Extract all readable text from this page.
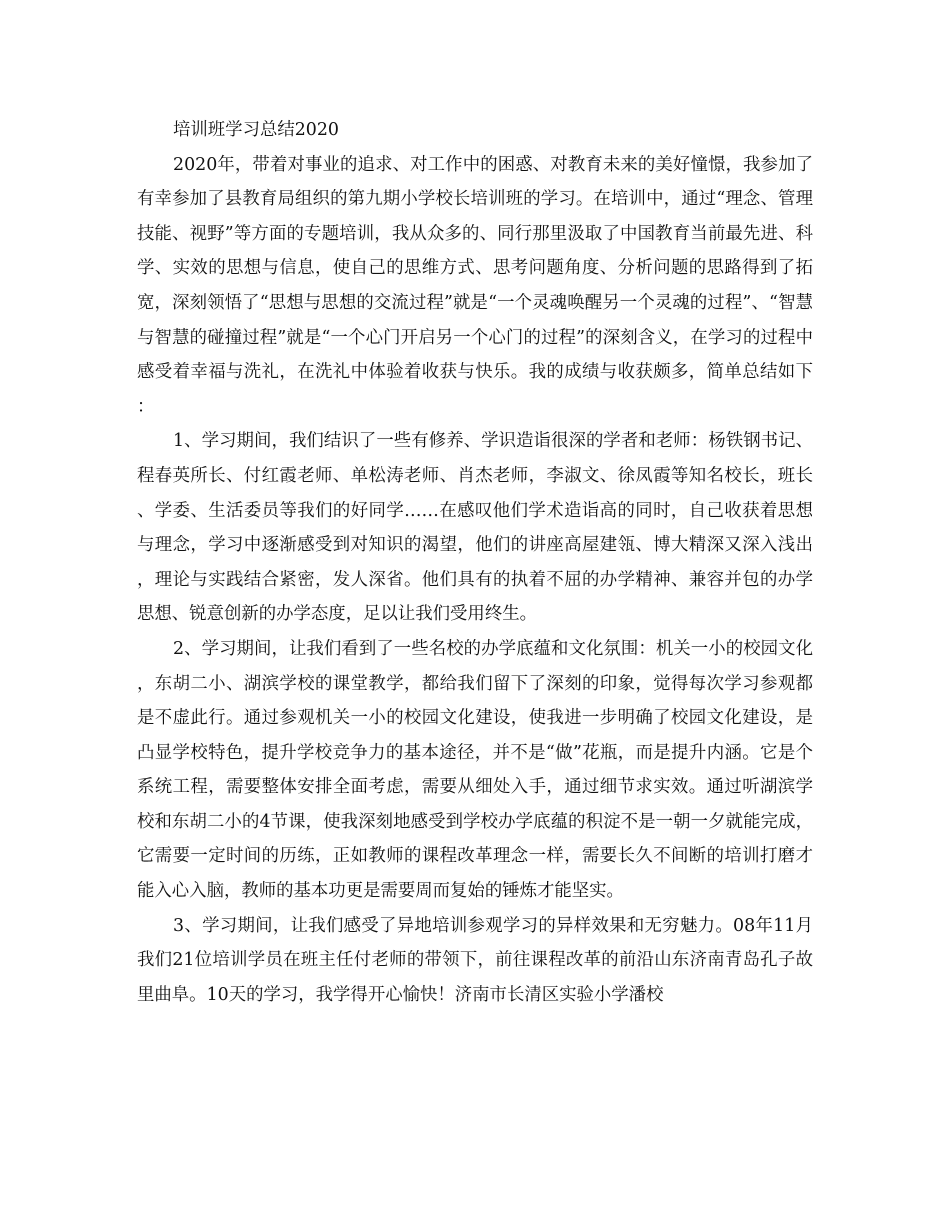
培训班学习总结2020

2020年，带着对事业的追求、对工作中的困惑、对教育未来的美好憧憬，我参加了有幸参加了县教育局组织的第九期小学校长培训班的学习。在培训中，通过“理念、管理技能、视野”等方面的专题培训，我从众多的、同行那里汲取了中国教育当前最先进、科学、实效的思想与信息，使自己的思维方式、思考问题角度、分析问题的思路得到了拓宽，深刻领悟了“思想与思想的交流过程”就是“一个灵魂唤醒另一个灵魂的过程”、“智慧与智慧的碰撞过程”就是“一个心门开启另一个心门的过程”的深刻含义，在学习的过程中感受着幸福与洗礼，在洗礼中体验着收获与快乐。我的成绩与收获颇多，简单总结如下：

1、学习期间，我们结识了一些有修养、学识造诣很深的学者和老师：杨铁钢书记、程春英所长、付红霞老师、单松涛老师、肖杰老师，李淑文、徐凤霞等知名校长，班长、学委、生活委员等我们的好同学……在感叹他们学术造诣高的同时，自己收获着思想与理念，学习中逐渐感受到对知识的渴望，他们的讲座高屋建瓴、博大精深又深入浅出，理论与实践结合紧密，发人深省。他们具有的执着不屈的办学精神、兼容并包的办学思想、锐意创新的办学态度，足以让我们受用终生。

2、学习期间，让我们看到了一些名校的办学底蕴和文化氛围：机关一小的校园文化，东胡二小、湖滨学校的课堂教学，都给我们留下了深刻的印象，觉得每次学习参观都是不虚此行。通过参观机关一小的校园文化建设，使我进一步明确了校园文化建设，是凸显学校特色，提升学校竞争力的基本途径，并不是“做”花瓶，而是提升内涵。它是个系统工程，需要整体安排全面考虑，需要从细处入手，通过细节求实效。通过听湖滨学校和东胡二小的4节课，使我深刻地感受到学校办学底蕴的积淀不是一朝一夕就能完成，它需要一定时间的历练，正如教师的课程改革理念一样，需要长久不间断的培训打磨才能入心入脑，教师的基本功更是需要周而复始的锤炼才能坚实。

3、学习期间，让我们感受了异地培训参观学习的异样效果和无穷魅力。08年11月我们21位培训学员在班主任付老师的带领下，前往课程改革的前沿山东济南青岛孔子故里曲阜。10天的学习，我学得开心愉快！济南市长清区实验小学潘校
